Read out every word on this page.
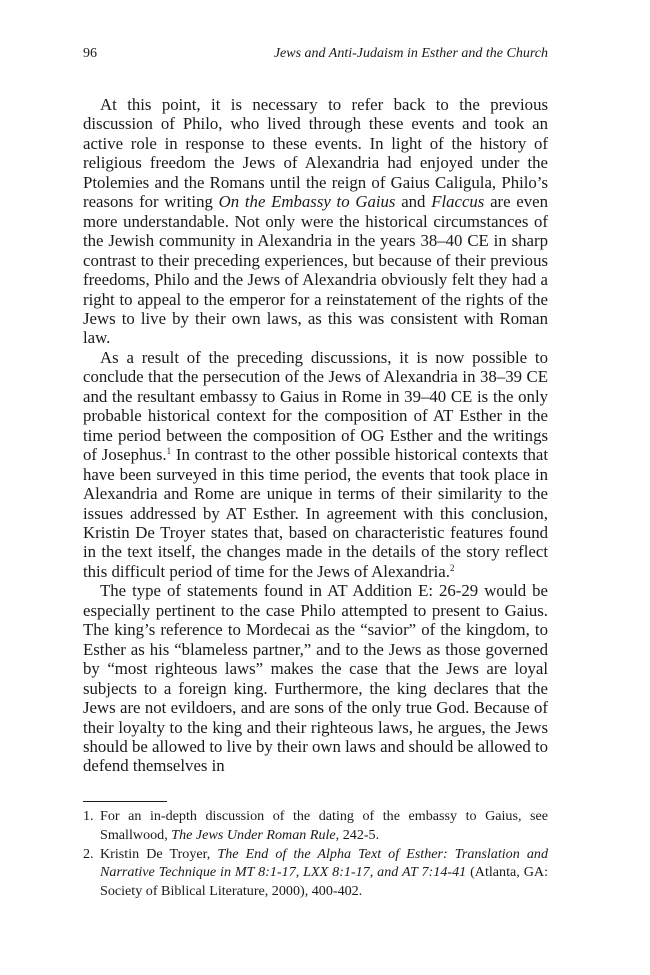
96	Jews and Anti-Judaism in Esther and the Church

At this point, it is necessary to refer back to the previous discussion of Philo, who lived through these events and took an active role in response to these events. In light of the history of religious freedom the Jews of Alexandria had enjoyed under the Ptolemies and the Romans until the reign of Gaius Caligula, Philo’s reasons for writing On the Embassy to Gaius and Flaccus are even more understandable. Not only were the historical circumstances of the Jewish community in Alexandria in the years 38–40 CE in sharp contrast to their preceding experiences, but because of their previous freedoms, Philo and the Jews of Alexandria obviously felt they had a right to appeal to the emperor for a reinstatement of the rights of the Jews to live by their own laws, as this was consistent with Roman law.

As a result of the preceding discussions, it is now possible to conclude that the persecution of the Jews of Alexandria in 38–39 CE and the resultant embassy to Gaius in Rome in 39–40 CE is the only probable historical context for the composition of AT Esther in the time period between the composition of OG Esther and the writings of Josephus.$^1$ In contrast to the other possible historical contexts that have been surveyed in this time period, the events that took place in Alexandria and Rome are unique in terms of their similarity to the issues addressed by AT Esther. In agreement with this conclusion, Kristin De Troyer states that, based on characteristic features found in the text itself, the changes made in the details of the story reflect this difficult period of time for the Jews of Alexandria.$^2$

The type of statements found in AT Addition E: 26-29 would be especially pertinent to the case Philo attempted to present to Gaius. The king’s reference to Mordecai as the “savior” of the kingdom, to Esther as his “blameless partner,” and to the Jews as those governed by “most righteous laws” makes the case that the Jews are loyal subjects to a foreign king. Furthermore, the king declares that the Jews are not evildoers, and are sons of the only true God. Because of their loyalty to the king and their righteous laws, he argues, the Jews should be allowed to live by their own laws and should be allowed to defend themselves in

1. For an in-depth discussion of the dating of the embassy to Gaius, see Smallwood, The Jews Under Roman Rule, 242-5.

2. Kristin De Troyer, The End of the Alpha Text of Esther: Translation and Narrative Technique in MT 8:1-17, LXX 8:1-17, and AT 7:14-41 (Atlanta, GA: Society of Biblical Literature, 2000), 400-402.
